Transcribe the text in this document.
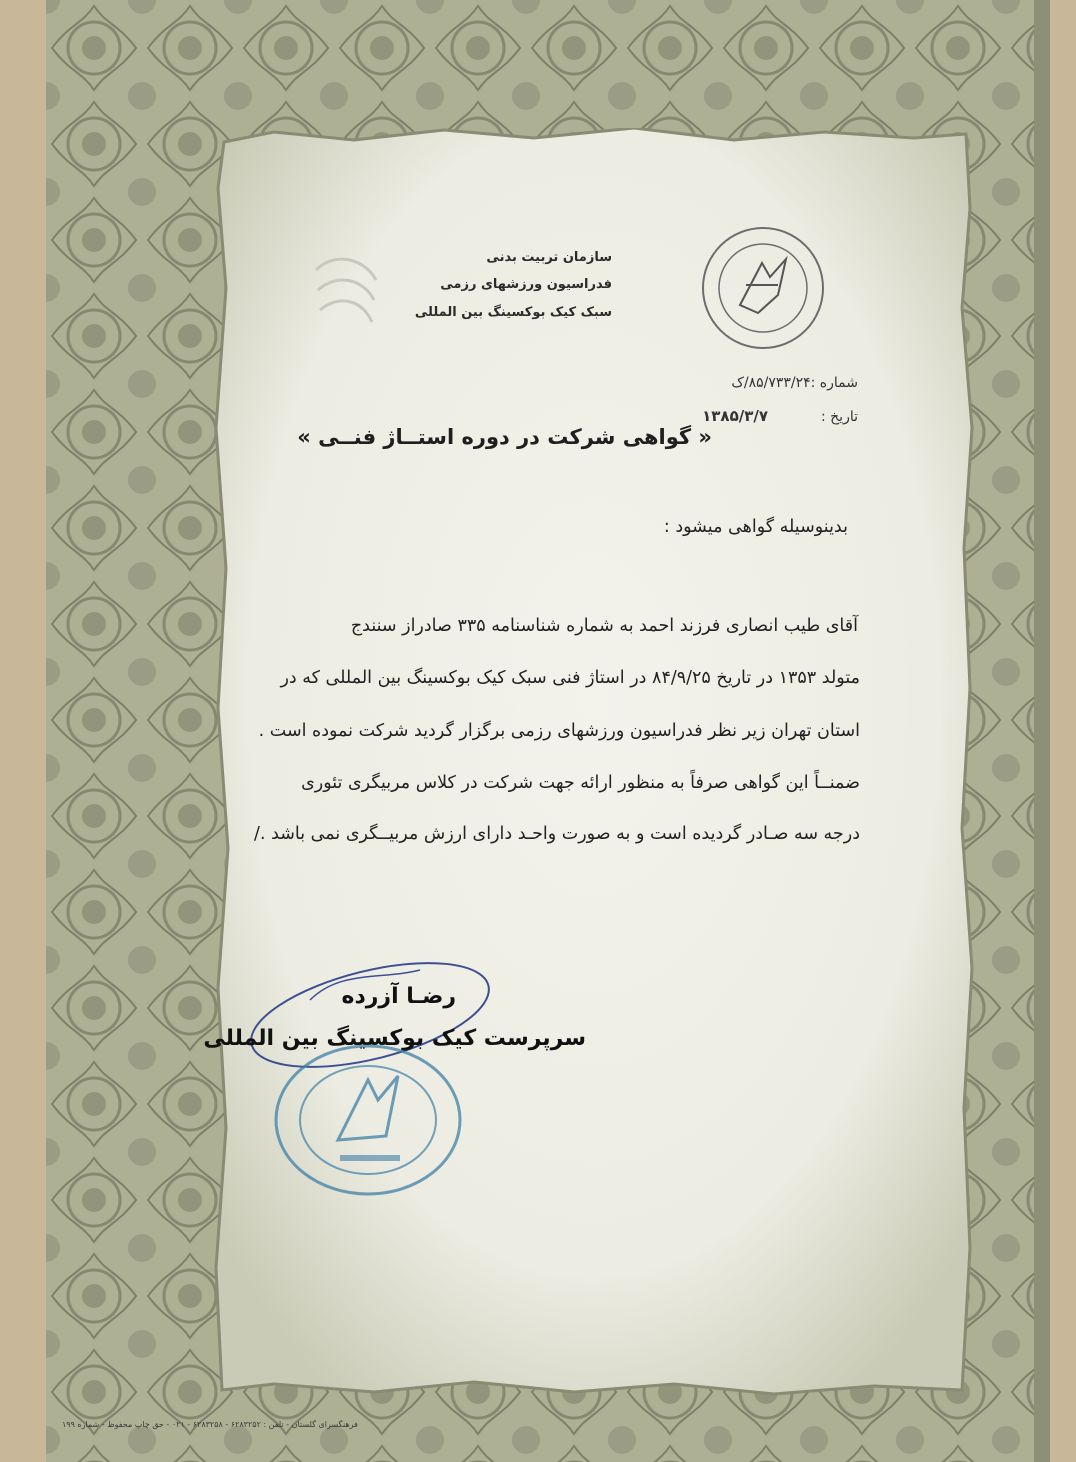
سازمان تربیت بدنی
فدراسیون ورزشهای رزمی
سبک کیک بوکسینگ بین المللی
شماره :۸۵/۷۳۳/۲۴/ک
تاریخ :
۱۳۸۵/۳/۷
« گواهی شرکت در دوره استــاژ فنــی »
بدینوسیله گواهی میشود :
آقای طیب انصاری فرزند احمد به شماره شناسنامه ۳۳۵ صادراز سنندج
متولد ۱۳۵۳ در تاریخ ۸۴/۹/۲۵ در استاژ فنی سبک کیک بوکسینگ بین المللی که در
استان تهران زیر نظر فدراسیون ورزشهای رزمی برگزار گردید شرکت نموده است .
ضمنــاً این گواهی صرفاً به منظور ارائه جهت شرکت در کلاس مربیگری تئوری
درجه سه صـادر گردیده است و به صورت واحـد دارای ارزش مربیــگری نمی باشد ./
رضـا آزرده
سرپرست کیک بوکسینگ بین المللی
فرهنگسرای گلستان - تلفن : ۶۲۸۳۲۵۲ - ۶۲۸۳۲۵۸ - ۰۲۱ - حق چاپ محفوظ - شماره ۱۹۹
